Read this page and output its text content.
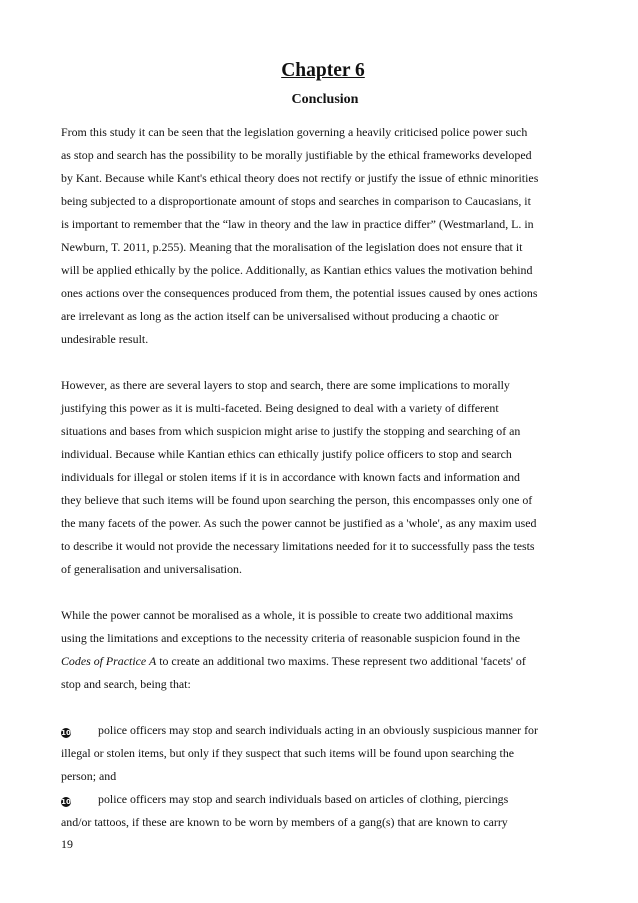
Chapter 6
Conclusion
From this study it can be seen that the legislation governing a heavily criticised police power such
as stop and search has the possibility to be morally justifiable by the ethical frameworks developed
by Kant. Because while Kant's ethical theory does not rectify or justify the issue of ethnic minorities
being subjected to a disproportionate amount of stops and searches in comparison to Caucasians, it
is important to remember that the “law in theory and the law in practice differ” (Westmarland, L. in
Newburn, T. 2011, p.255). Meaning that the moralisation of the legislation does not ensure that it
will be applied ethically by the police. Additionally, as Kantian ethics values the motivation behind
ones actions over the consequences produced from them, the potential issues caused by ones actions
are irrelevant as long as the action itself can be universalised without producing a chaotic or
undesirable result.
However, as there are several layers to stop and search, there are some implications to morally
justifying this power as it is multi-faceted. Being designed to deal with a variety of different
situations and bases from which suspicion might arise to justify the stopping and searching of an
individual. Because while Kantian ethics can ethically justify police officers to stop and search
individuals for illegal or stolen items if it is in accordance with known facts and information and
they believe that such items will be found upon searching the person, this encompasses only one of
the many facets of the power. As such the power cannot be justified as a 'whole', as any maxim used
to describe it would not provide the necessary limitations needed for it to successfully pass the tests
of generalisation and universalisation.
While the power cannot be moralised as a whole, it is possible to create two additional maxims
using the limitations and exceptions to the necessity criteria of reasonable suspicion found in the
Codes of Practice A to create an additional two maxims. These represent two additional 'facets' of
stop and search, being that:
10 police officers may stop and search individuals acting in an obviously suspicious manner for
illegal or stolen items, but only if they suspect that such items will be found upon searching the
person; and
10 police officers may stop and search individuals based on articles of clothing, piercings
and/or tattoos, if these are known to be worn by members of a gang(s) that are known to carry
19
